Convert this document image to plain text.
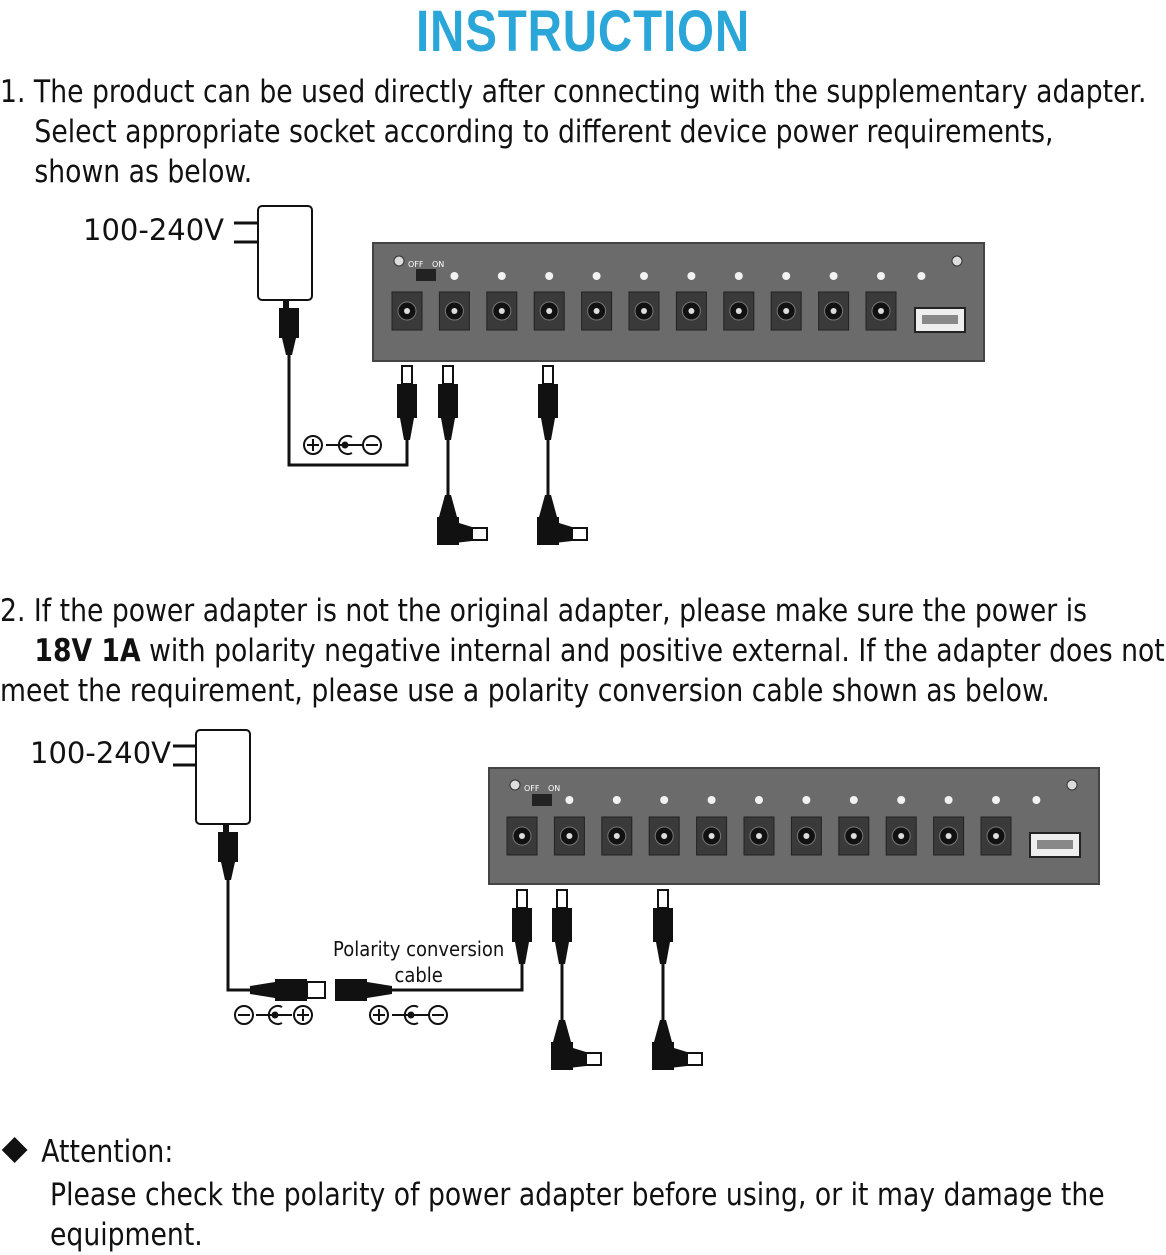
INSTRUCTION
1. The product can be used directly after connecting with the supplementary adapter.
Select appropriate socket according to different device power requirements,
shown as below.
100-240V
OFF ON
2. If the power adapter is not the original adapter, please make sure the power is
18V 1A with polarity negative internal and positive external. If the adapter does not
meet the requirement, please use a polarity conversion cable shown as below.
100-240V
Polarity conversion
cable
OFF ON
Attention:
Please check the polarity of power adapter before using, or it may damage the
equipment.
